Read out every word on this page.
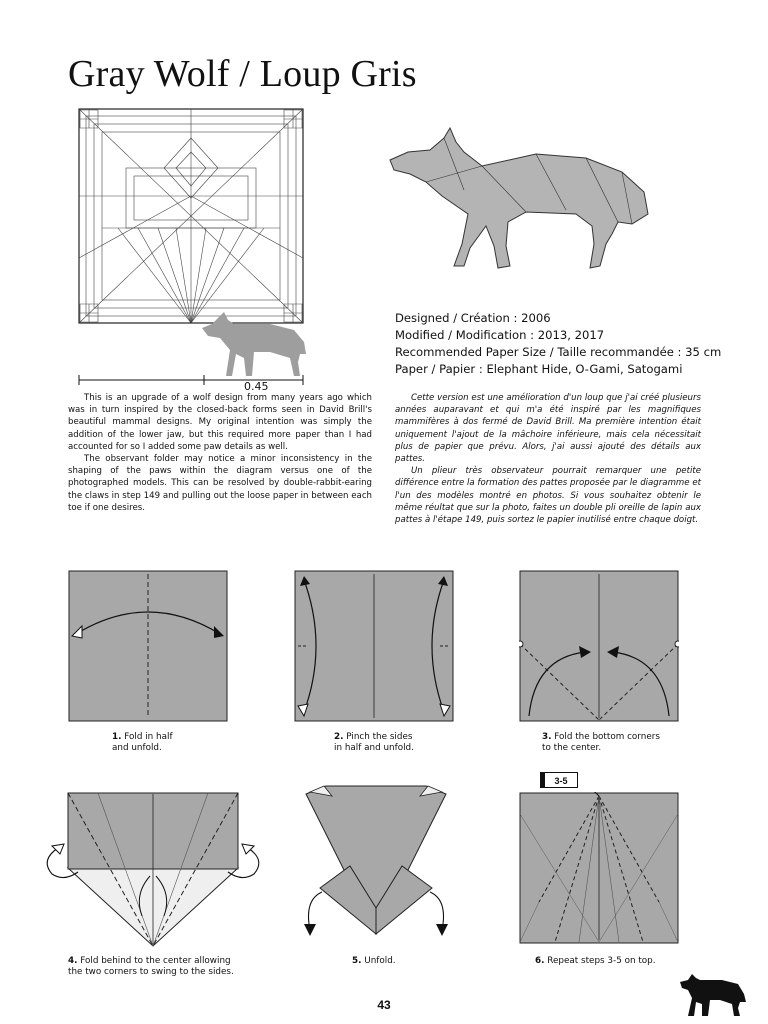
Gray Wolf / Loup Gris
0.45
Designed / Création : 2006
Modified / Modification : 2013, 2017
Recommended Paper Size / Taille recommandée : 35 cm
Paper / Papier : Elephant Hide, O-Gami, Satogami

This is an upgrade of a wolf design from many years ago which was in turn inspired by the closed-back forms seen in David Brill's beautiful mammal designs. My original intention was simply the addition of the lower jaw, but this required more paper than I had accounted for so I added some paw details as well.

The observant folder may notice a minor inconsistency in the shaping of the paws within the diagram versus one of the photographed models. This can be resolved by double-rabbit-earing the claws in step 149 and pulling out the loose paper in between each toe if one desires.

Cette version est une amélioration d'un loup que j'ai créé plusieurs années auparavant et qui m'a été inspiré par les magnifiques mammifères à dos fermé de David Brill. Ma première intention était uniquement l'ajout de la mâchoire inférieure, mais cela nécessitait plus de papier que prévu. Alors, j'ai aussi ajouté des détails aux pattes.

Un plieur très observateur pourrait remarquer une petite différence entre la formation des pattes proposée par le diagramme et l'un des modèles montré en photos. Si vous souhaitez obtenir le même réultat que sur la photo, faites un double pli oreille de lapin aux pattes à l'étape 149, puis sortez le papier inutilisé entre chaque doigt.

1. Fold in half
and unfold.
2. Pinch the sides
in half and unfold.
3. Fold the bottom corners
to the center.
4. Fold behind to the center allowing
the two corners to swing to the sides.
5. Unfold.
3-5
6. Repeat steps 3-5 on top.
43
